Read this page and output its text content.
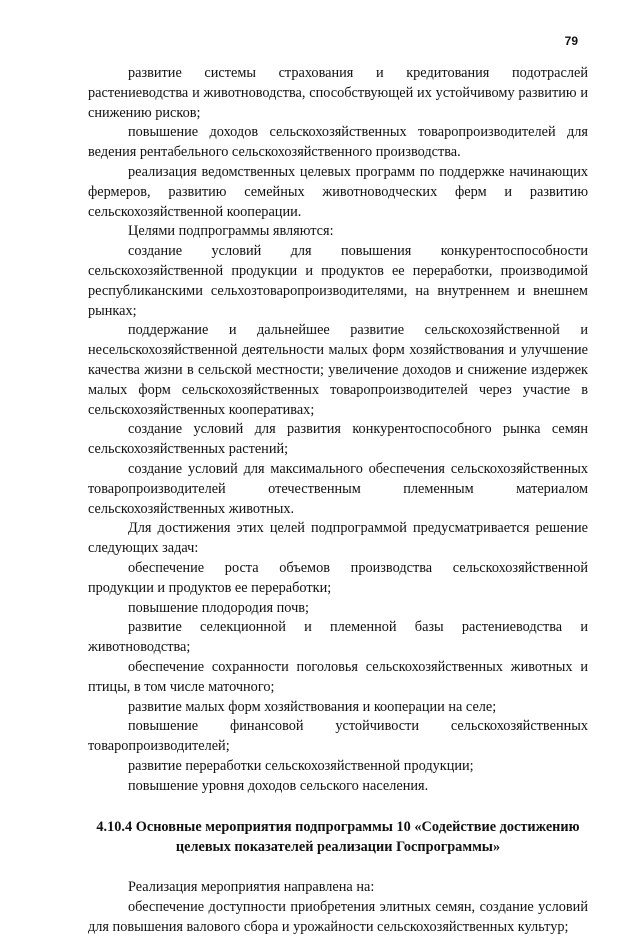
79

развитие системы страхования и кредитования подотраслей растениеводства и животноводства, способствующей их устойчивому развитию и снижению рисков;

повышение доходов сельскохозяйственных товаропроизводителей для ведения рентабельного сельскохозяйственного производства.

реализация ведомственных целевых программ по поддержке начинающих фермеров, развитию семейных животноводческих ферм и развитию сельскохозяйственной кооперации.

Целями подпрограммы являются:

создание условий для повышения конкурентоспособности сельскохозяйственной продукции и продуктов ее переработки, производимой республиканскими сельхозтоваропроизводителями, на внутреннем и внешнем рынках;

поддержание и дальнейшее развитие сельскохозяйственной и несельскохозяйственной деятельности малых форм хозяйствования и улучшение качества жизни в сельской местности; увеличение доходов и снижение издержек малых форм сельскохозяйственных товаропроизводителей через участие в сельскохозяйственных кооперативах;

создание условий для развития конкурентоспособного рынка семян сельскохозяйственных растений;

создание условий для максимального обеспечения сельскохозяйственных товаропроизводителей отечественным племенным материалом сельскохозяйственных животных.

Для достижения этих целей подпрограммой предусматривается решение следующих задач:

обеспечение роста объемов производства сельскохозяйственной продукции и продуктов ее переработки;

повышение плодородия почв;

развитие селекционной и племенной базы растениеводства и животноводства;

обеспечение сохранности поголовья сельскохозяйственных животных и птицы, в том числе маточного;

развитие малых форм хозяйствования и кооперации на селе;

повышение финансовой устойчивости сельскохозяйственных товаропроизводителей;

развитие переработки сельскохозяйственной продукции;

повышение уровня доходов сельского населения.

4.10.4 Основные мероприятия подпрограммы 10 «Содействие достижению целевых показателей реализации Госпрограммы»

Реализация мероприятия направлена на:

обеспечение доступности приобретения элитных семян, создание условий для повышения валового сбора и урожайности сельскохозяйственных культур;
